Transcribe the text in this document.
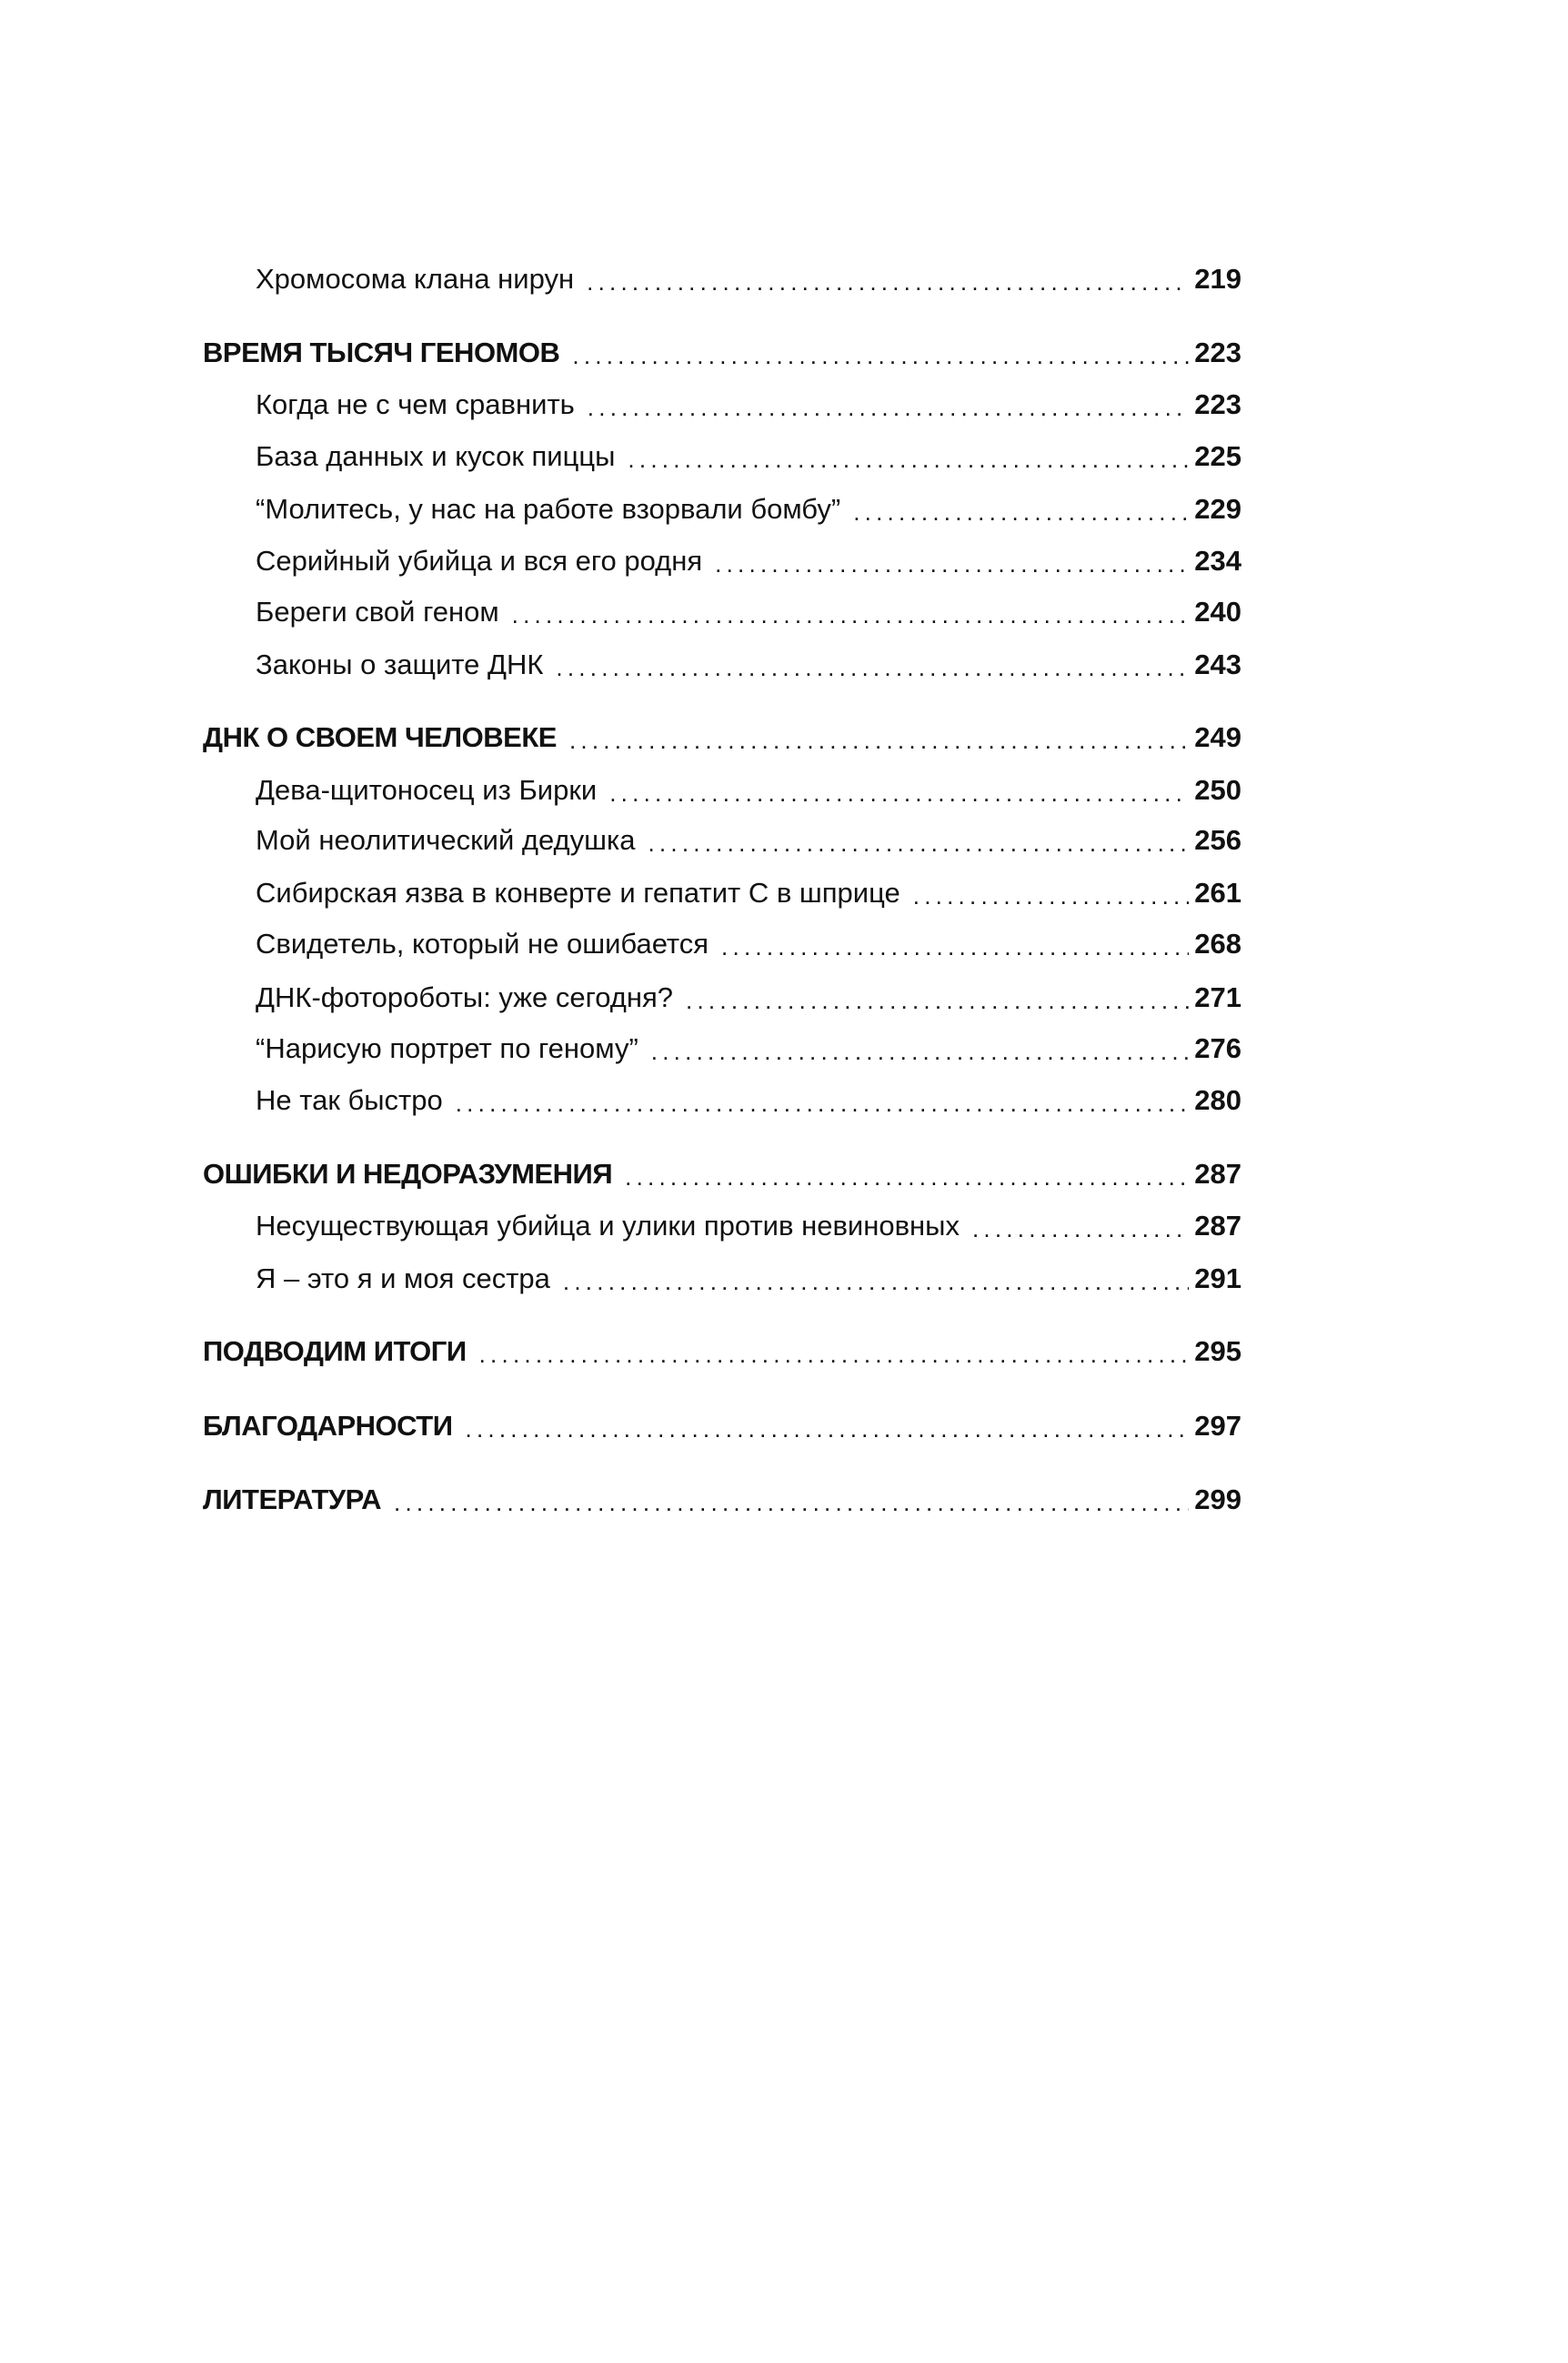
Хромосома клана нирун . . .	219
ВРЕМЯ ТЫСЯЧ ГЕНОМОВ . . .	223
Когда не с чем сравнить . . .	223
База данных и кусок пиццы . . .	225
“Молитесь, у нас на работе взорвали бомбу” . . .	229
Серийный убийца и вся его родня . . .	234
Береги свой геном . . .	240
Законы о защите ДНК . . .	243
ДНК О СВОЕМ ЧЕЛОВЕКЕ . . .	249
Дева-щитоносец из Бирки . . .	250
Мой неолитический дедушка . . .	256
Сибирская язва в конверте и гепатит С в шприце . . .	261
Свидетель, который не ошибается . . .	268
ДНК-фотороботы: уже сегодня? . . .	271
“Нарисую портрет по геному” . . .	276
Не так быстро . . .	280
ОШИБКИ И НЕДОРАЗУМЕНИЯ . . .	287
Несуществующая убийца и улики против невиновных . . .	287
Я – это я и моя сестра . . .	291
ПОДВОДИМ ИТОГИ . . .	295
БЛАГОДАРНОСТИ . . .	297
ЛИТЕРАТУРА . . .	299
